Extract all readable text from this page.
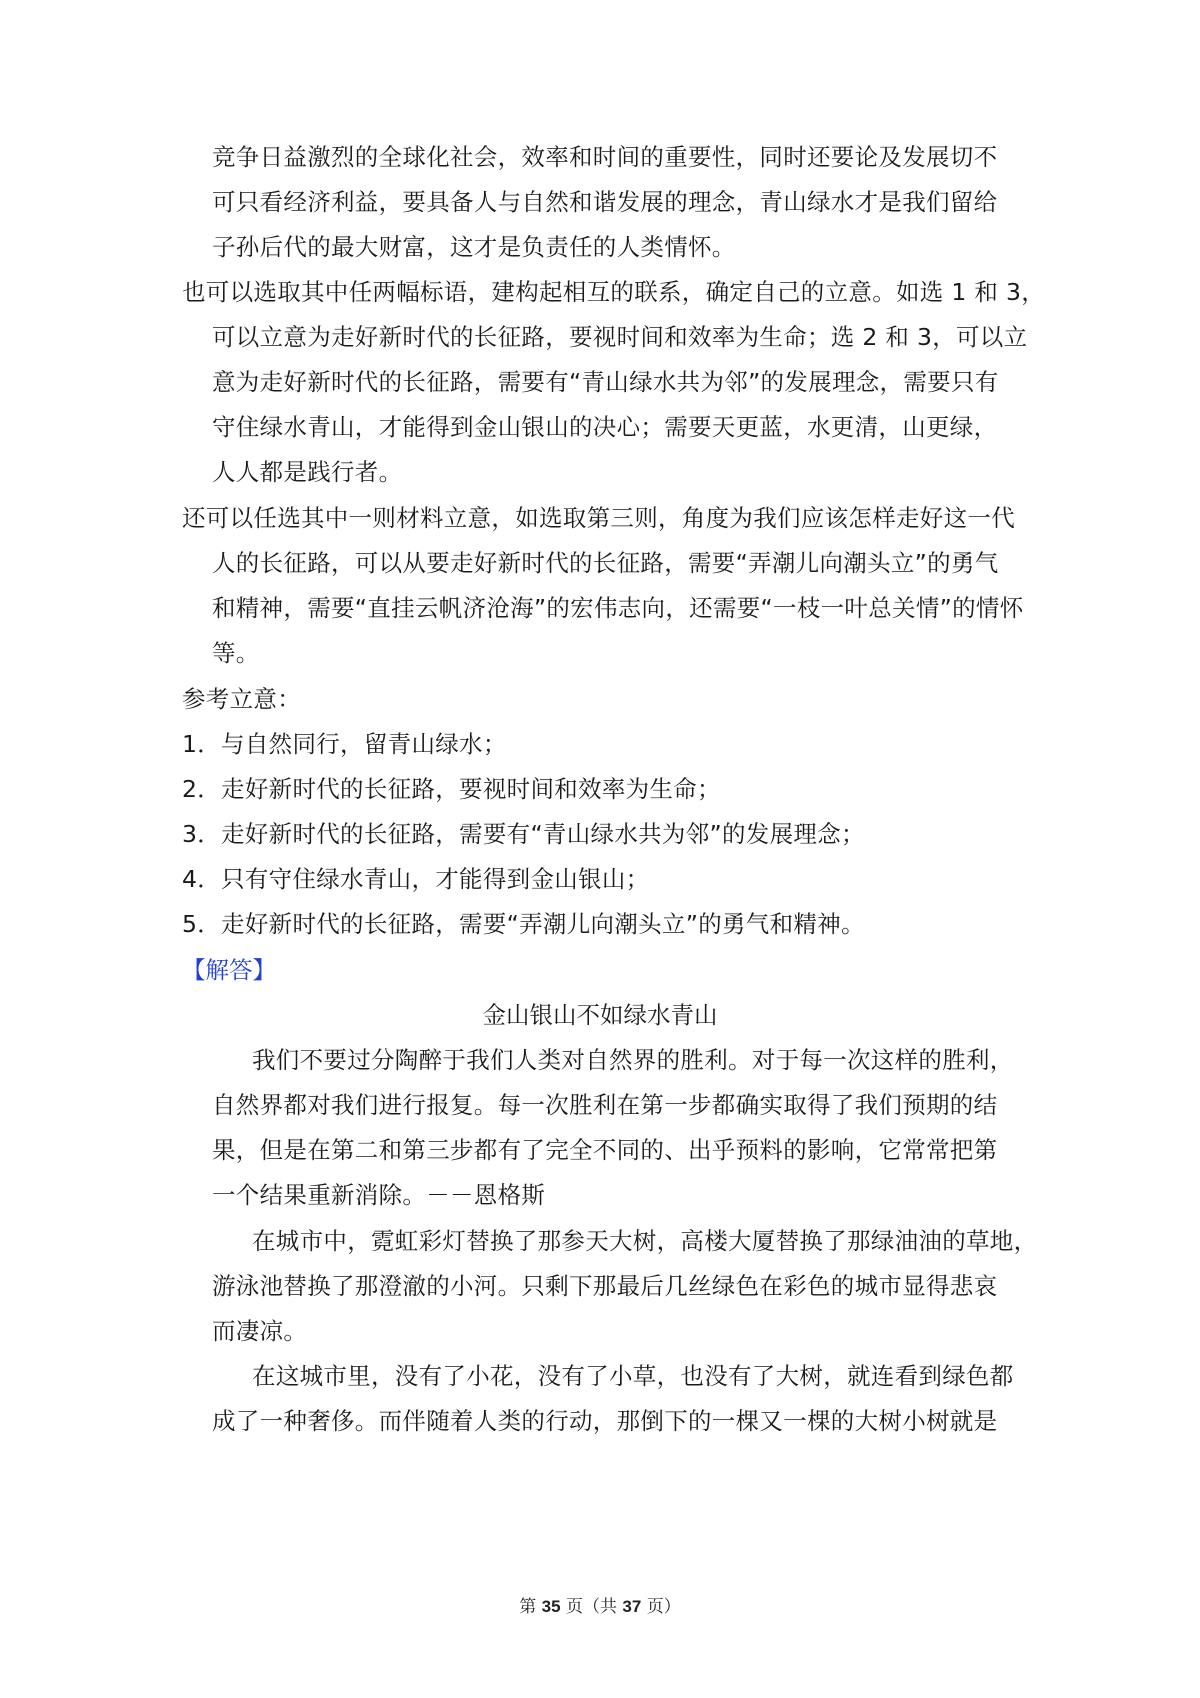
竞争日益激烈的全球化社会，效率和时间的重要性，同时还要论及发展切不
可只看经济利益，要具备人与自然和谐发展的理念，青山绿水才是我们留给
子孙后代的最大财富，这才是负责任的人类情怀。
也可以选取其中任两幅标语，建构起相互的联系，确定自己的立意。如选 1 和 3，
可以立意为走好新时代的长征路，要视时间和效率为生命；选 2 和 3，可以立
意为走好新时代的长征路，需要有“青山绿水共为邻”的发展理念，需要只有
守住绿水青山，才能得到金山银山的决心；需要天更蓝，水更清，山更绿，
人人都是践行者。
还可以任选其中一则材料立意，如选取第三则，角度为我们应该怎样走好这一代
人的长征路，可以从要走好新时代的长征路，需要“弄潮儿向潮头立”的勇气
和精神，需要“直挂云帆济沧海”的宏伟志向，还需要“一枝一叶总关情”的情怀
等。
参考立意：
1．与自然同行，留青山绿水；
2．走好新时代的长征路，要视时间和效率为生命；
3．走好新时代的长征路，需要有“青山绿水共为邻”的发展理念；
4．只有守住绿水青山，才能得到金山银山；
5．走好新时代的长征路，需要“弄潮儿向潮头立”的勇气和精神。
【解答】
金山银山不如绿水青山
我们不要过分陶醉于我们人类对自然界的胜利。对于每一次这样的胜利，
自然界都对我们进行报复。每一次胜利在第一步都确实取得了我们预期的结
果，但是在第二和第三步都有了完全不同的、出乎预料的影响，它常常把第
一个结果重新消除。－－恩格斯
在城市中，霓虹彩灯替换了那参天大树，高楼大厦替换了那绿油油的草地，
游泳池替换了那澄澈的小河。只剩下那最后几丝绿色在彩色的城市显得悲哀
而凄凉。
在这城市里，没有了小花，没有了小草，也没有了大树，就连看到绿色都
成了一种奢侈。而伴随着人类的行动，那倒下的一棵又一棵的大树小树就是
第 35 页（共 37 页）
